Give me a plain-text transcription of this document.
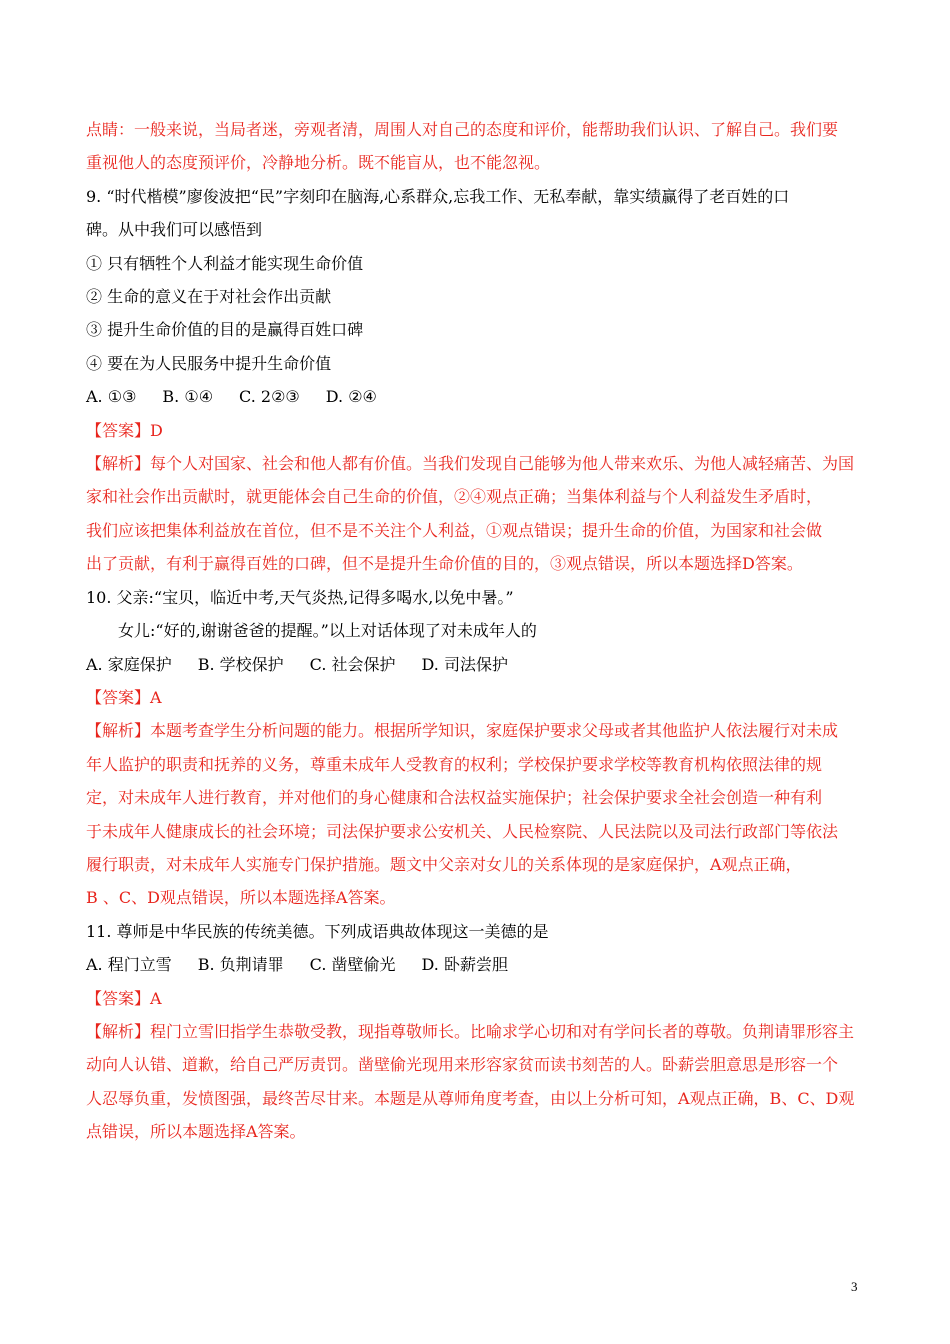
点睛：一般来说，当局者迷，旁观者清，周围人对自己的态度和评价，能帮助我们认识、了解自己。我们要

重视他人的态度预评价，冷静地分析。既不能盲从，也不能忽视。

9. “时代楷模”廖俊波把“民”字刻印在脑海,心系群众,忘我工作、无私奉献，靠实绩赢得了老百姓的口

碑。从中我们可以感悟到

① 只有牺牲个人利益才能实现生命价值

② 生命的意义在于对社会作出贡献

③ 提升生命价值的目的是赢得百姓口碑

④ 要在为人民服务中提升生命价值

A. ①③ B. ①④ C. 2②③ D. ②④

【答案】D

【解析】每个人对国家、社会和他人都有价值。当我们发现自己能够为他人带来欢乐、为他人减轻痛苦、为国

家和社会作出贡献时，就更能体会自己生命的价值，②④观点正确；当集体利益与个人利益发生矛盾时，

我们应该把集体利益放在首位，但不是不关注个人利益，①观点错误；提升生命的价值，为国家和社会做

出了贡献，有利于赢得百姓的口碑，但不是提升生命价值的目的，③观点错误，所以本题选择D答案。

10. 父亲:“宝贝，临近中考,天气炎热,记得多喝水,以免中暑。”

女儿:“好的,谢谢爸爸的提醒。”以上对话体现了对未成年人的

A. 家庭保护 B. 学校保护 C. 社会保护 D. 司法保护

【答案】A

【解析】本题考查学生分析问题的能力。根据所学知识，家庭保护要求父母或者其他监护人依法履行对未成

年人监护的职责和抚养的义务，尊重未成年人受教育的权利；学校保护要求学校等教育机构依照法律的规

定，对未成年人进行教育，并对他们的身心健康和合法权益实施保护；社会保护要求全社会创造一种有利

于未成年人健康成长的社会环境；司法保护要求公安机关、人民检察院、人民法院以及司法行政部门等依法

履行职责，对未成年人实施专门保护措施。题文中父亲对女儿的关系体现的是家庭保护，A观点正确，

B 、C、D观点错误，所以本题选择A答案。

11. 尊师是中华民族的传统美德。下列成语典故体现这一美德的是

A. 程门立雪 B. 负荆请罪 C. 凿壁偷光 D. 卧薪尝胆

【答案】A

【解析】程门立雪旧指学生恭敬受教，现指尊敬师长。比喻求学心切和对有学问长者的尊敬。负荆请罪形容主

动向人认错、道歉，给自己严厉责罚。凿壁偷光现用来形容家贫而读书刻苦的人。卧薪尝胆意思是形容一个

人忍辱负重，发愤图强，最终苦尽甘来。本题是从尊师角度考查，由以上分析可知，A观点正确，B、C、D观

点错误，所以本题选择A答案。

3
